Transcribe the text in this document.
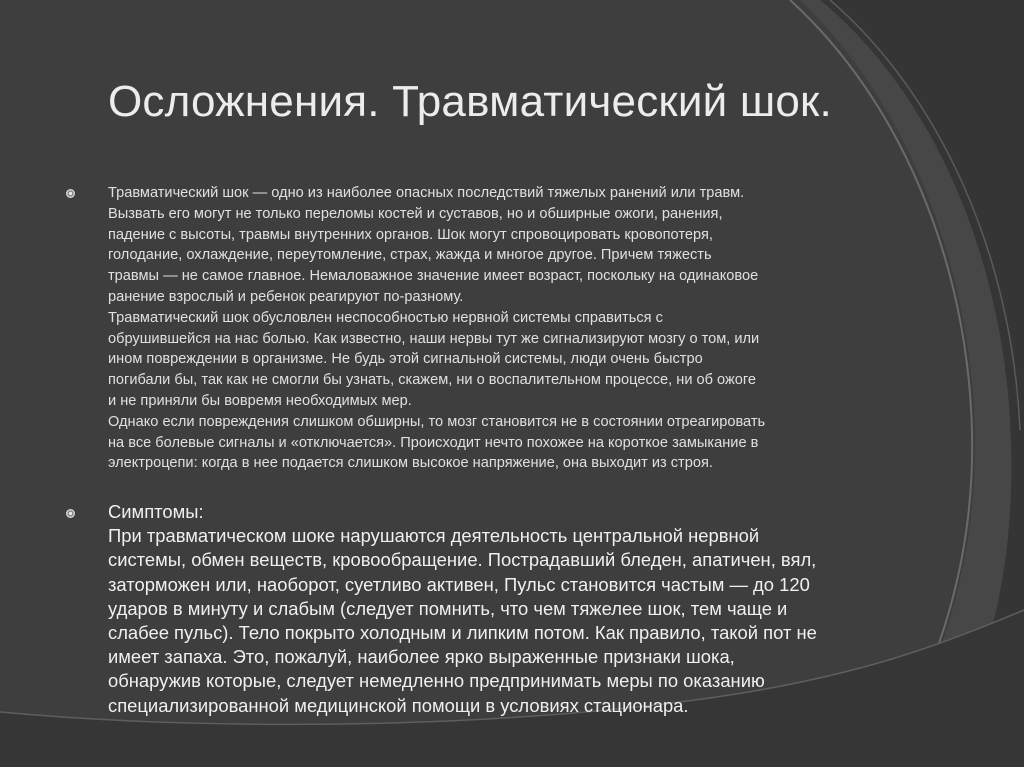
Осложнения. Травматический шок.

Травматический шок — одно из наиболее опасных последствий тяжелых ранений или травм.
Вызвать его могут не только переломы костей и суставов, но и обширные ожоги, ранения,
падение с высоты, травмы внутренних органов. Шок могут спровоцировать кровопотеря,
голодание, охлаждение, переутомление, страх, жажда и многое другое. Причем тяжесть
травмы — не самое главное. Немаловажное значение имеет возраст, поскольку на одинаковое
ранение взрослый и ребенок реагируют по-разному.
Травматический шок обусловлен неспособностью нервной системы справиться с
обрушившейся на нас болью. Как известно, наши нервы тут же сигнализируют мозгу о том, или
ином повреждении в организме. Не будь этой сигнальной системы, люди очень быстро
погибали бы, так как не смогли бы узнать, скажем, ни о воспалительном процессе, ни об ожоге
и не приняли бы вовремя необходимых мер.
Однако если повреждения слишком обширны, то мозг становится не в состоянии отреагировать
на все болевые сигналы и «отключается». Происходит нечто похожее на короткое замыкание в
электроцепи: когда в нее подается слишком высокое напряжение, она выходит из строя.

Симптомы:
При травматическом шоке нарушаются деятельность центральной нервной
системы, обмен веществ, кровообращение. Пострадавший бледен, апатичен, вял,
заторможен или, наоборот, суетливо активен, Пульс становится частым — до 120
ударов в минуту и слабым (следует помнить, что чем тяжелее шок, тем чаще и
слабее пульс). Тело покрыто холодным и липким потом. Как правило, такой пот не
имеет запаха. Это, пожалуй, наиболее ярко выраженные признаки шока,
обнаружив которые, следует немедленно предпринимать меры по оказанию
специализированной медицинской помощи в условиях стационара.
